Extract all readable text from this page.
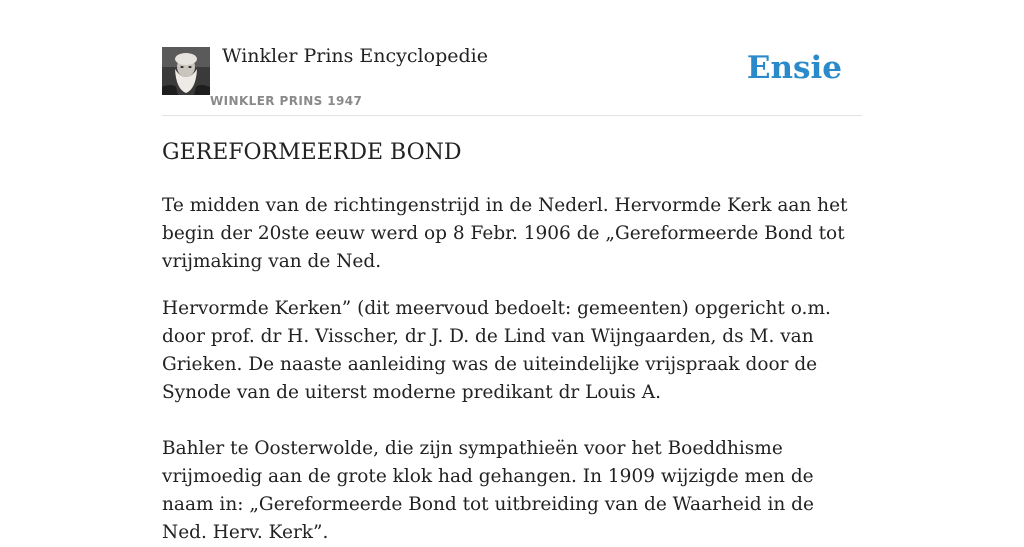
Winkler Prins Encyclopedie
WINKLER PRINS 1947
Ensie
GEREFORMEERDE BOND

Te midden van de richtingenstrijd in de Nederl. Hervormde Kerk aan het begin der 20ste eeuw werd op 8 Febr. 1906 de „Gereformeerde Bond tot vrijmaking van de Ned.

Hervormde Kerken” (dit meervoud bedoelt: gemeenten) opgericht o.m. door prof. dr H. Visscher, dr J. D. de Lind van Wijngaarden, ds M. van Grieken. De naaste aanleiding was de uiteindelijke vrijspraak door de Synode van de uiterst moderne predikant dr Louis A.

Bahler te Oosterwolde, die zijn sympathieën voor het Boeddhisme vrijmoedig aan de grote klok had gehangen. In 1909 wijzigde men de naam in: „Gereformeerde Bond tot uitbreiding van de Waarheid in de Ned. Herv. Kerk”.
